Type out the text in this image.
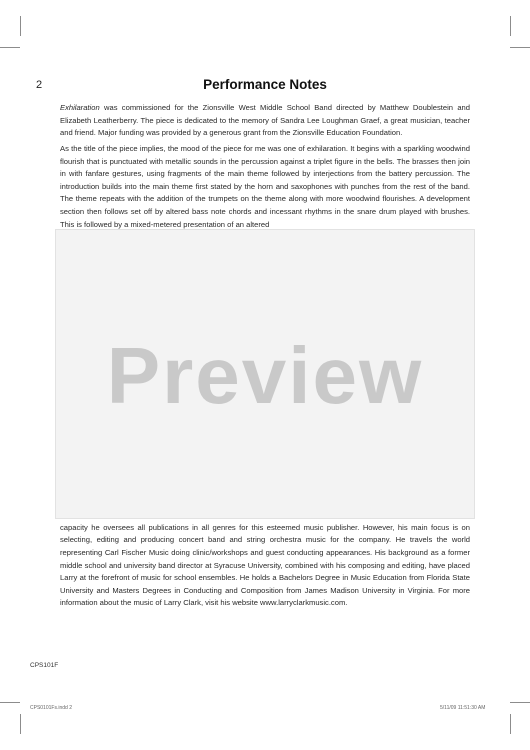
2	Performance Notes

Exhilaration was commissioned for the Zionsville West Middle School Band directed by Matthew Doublestein and Elizabeth Leatherberry. The piece is dedicated to the memory of Sandra Lee Loughman Graef, a great musician, teacher and friend. Major funding was provided by a generous grant from the Zionsville Education Foundation.

As the title of the piece implies, the mood of the piece for me was one of exhilaration. It begins with a sparkling woodwind flourish that is punctuated with metallic sounds in the percussion against a triplet figure in the bells. The brasses then join in with fanfare gestures, using fragments of the main theme followed by interjections from the battery percussion. The introduction builds into the main theme first stated by the horn and saxophones with punches from the rest of the band. The theme repeats with the addition of the trumpets on the theme along with more woodwind flourishes. A development section then follows set off by altered bass note chords and incessant rhythms in the snare drum played with brushes. This is followed by a mixed-metered presentation of an altered
Preview
capacity he oversees all publications in all genres for this esteemed music publisher. However, his main focus is on selecting, editing and producing concert band and string orchestra music for the company. He travels the world representing Carl Fischer Music doing clinic/workshops and guest conducting appearances. His background as a former middle school and university band director at Syracuse University, combined with his composing and editing, have placed Larry at the forefront of music for school ensembles. He holds a Bachelors Degree in Music Education from Florida State University and Masters Degrees in Conducting and Composition from James Madison University in Virginia. For more information about the music of Larry Clark, visit his website www.larryclarkmusic.com.
CPS101F
CPS0101Fs.indd 2	5/11/09 11:51:30 AM
